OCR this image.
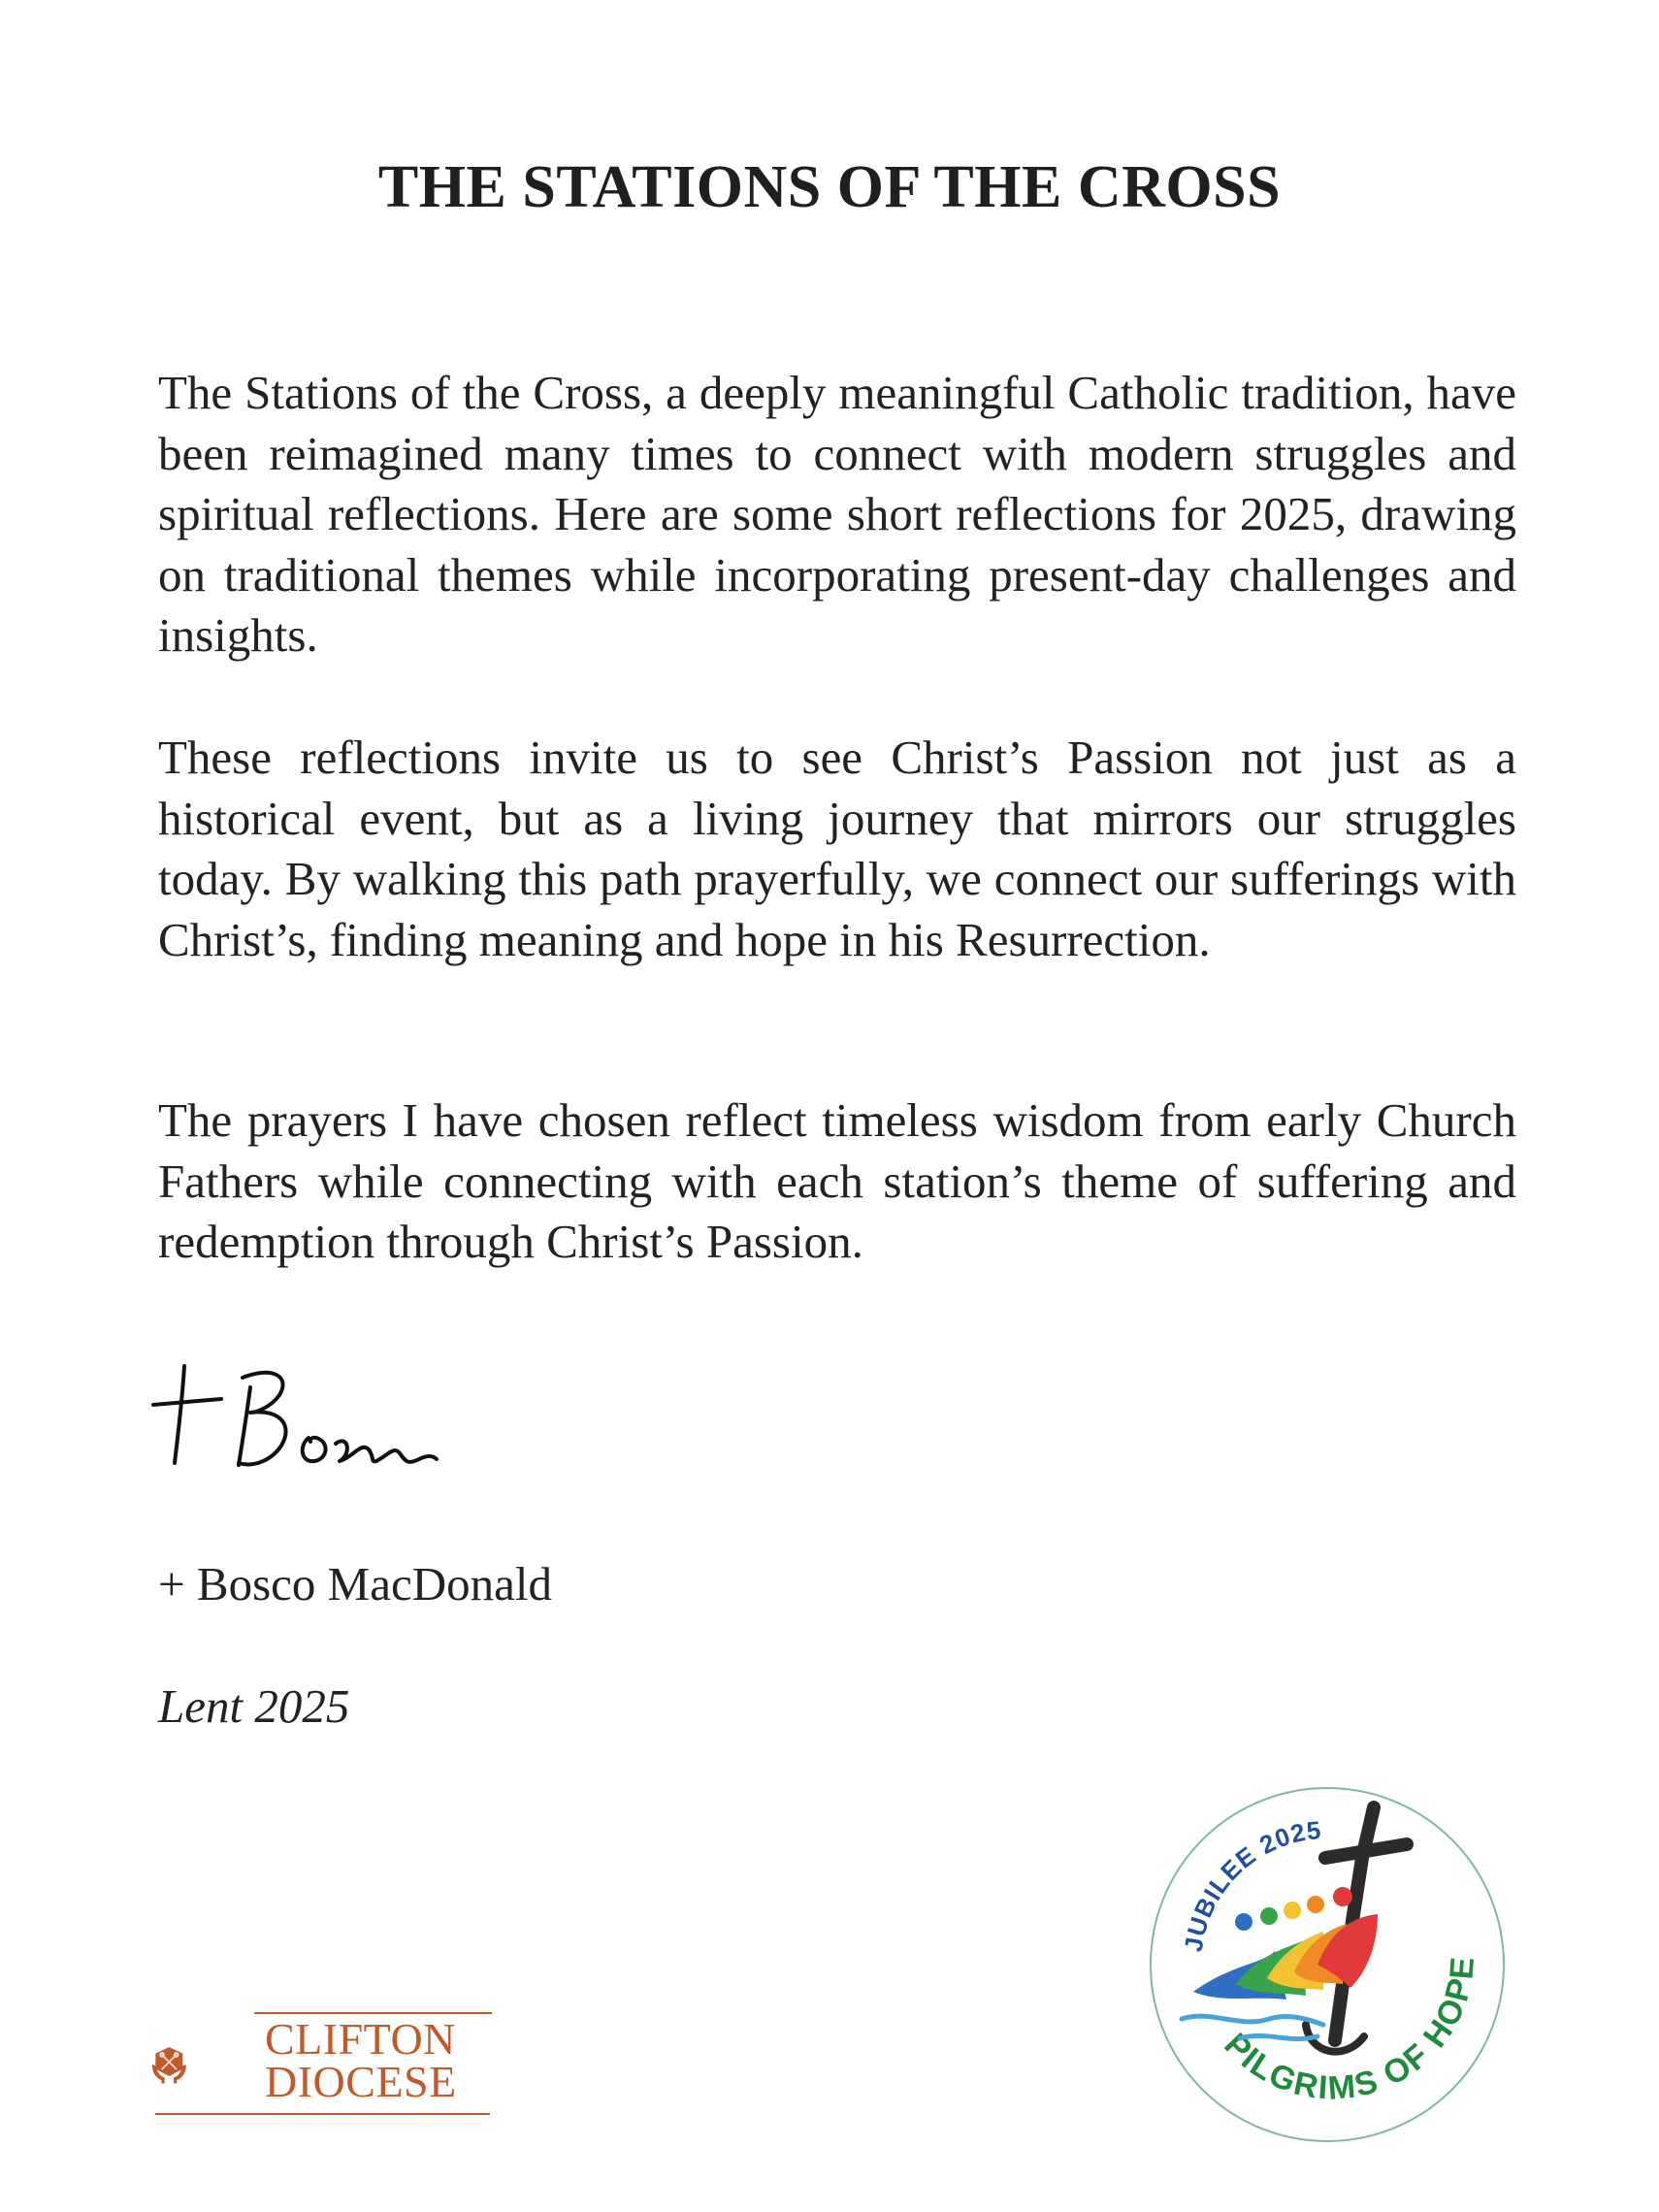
THE STATIONS OF THE CROSS

The Stations of the Cross, a deeply meaningful Catholic tradition, have been reimagined many times to connect with modern struggles and spiritual reflections. Here are some short reflections for 2025, drawing on traditional themes while incorporating present-day challenges and insights.

These reflections invite us to see Christ’s Passion not just as a historical event, but as a living journey that mirrors our struggles today. By walking this path prayerfully, we connect our sufferings with Christ’s, finding meaning and hope in his Resurrection.

The prayers I have chosen reflect timeless wisdom from early Church Fathers while connecting with each station’s theme of suffering and redemption through Christ’s Passion.

+ Bosco MacDonald

Lent 2025

CLIFTON
DIOCESE
JUBILEE 2025
PILGRIMS OF HOPE
